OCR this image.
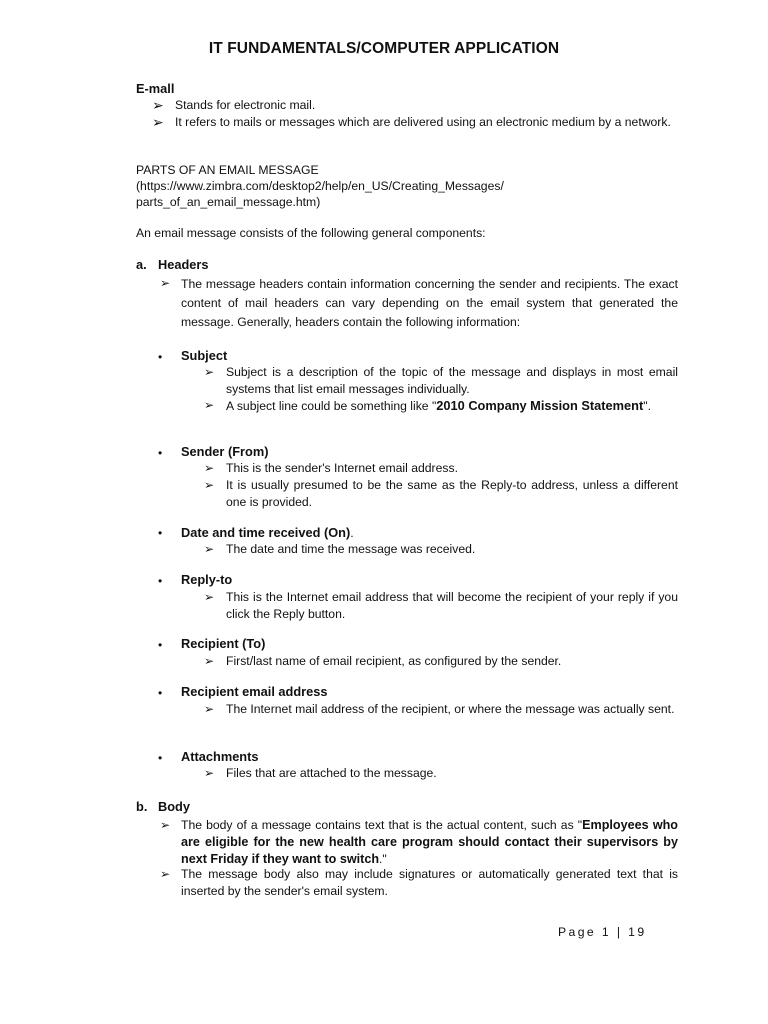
IT FUNDAMENTALS/COMPUTER APPLICATION
E-mall
➢ Stands for electronic mail.
➢ It refers to mails or messages which are delivered using an electronic medium by a network.
PARTS OF AN EMAIL MESSAGE
(https://www.zimbra.com/desktop2/help/en_US/Creating_Messages/
parts_of_an_email_message.htm)
An email message consists of the following general components:
a. Headers
➢ The message headers contain information concerning the sender and recipients. The exact content of mail headers can vary depending on the email system that generated the message. Generally, headers contain the following information:
• Subject
➢ Subject is a description of the topic of the message and displays in most email systems that list email messages individually.
➢ A subject line could be something like "2010 Company Mission Statement".
• Sender (From)
➢ This is the sender's Internet email address.
➢ It is usually presumed to be the same as the Reply-to address, unless a different one is provided.
• Date and time received (On).
➢ The date and time the message was received.
• Reply-to
➢ This is the Internet email address that will become the recipient of your reply if you click the Reply button.
• Recipient (To)
➢ First/last name of email recipient, as configured by the sender.
• Recipient email address
➢ The Internet mail address of the recipient, or where the message was actually sent.
• Attachments
➢ Files that are attached to the message.
b. Body
➢ The body of a message contains text that is the actual content, such as "Employees who are eligible for the new health care program should contact their supervisors by next Friday if they want to switch."
➢ The message body also may include signatures or automatically generated text that is inserted by the sender's email system.
Page 1 | 19
